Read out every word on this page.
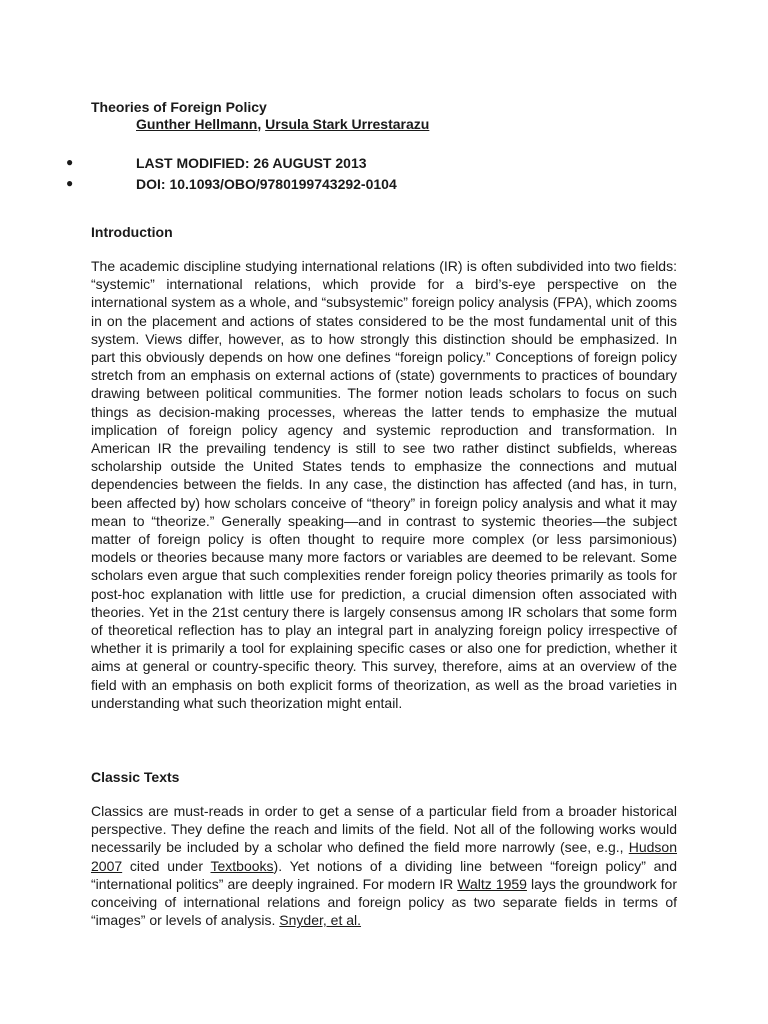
Theories of Foreign Policy
Gunther Hellmann, Ursula Stark Urrestarazu
●	LAST MODIFIED: 26 AUGUST 2013
●	DOI: 10.1093/OBO/9780199743292-0104
Introduction

The academic discipline studying international relations (IR) is often subdivided into two fields: “systemic” international relations, which provide for a bird’s-eye perspective on the international system as a whole, and “subsystemic” foreign policy analysis (FPA), which zooms in on the placement and actions of states considered to be the most fundamental unit of this system. Views differ, however, as to how strongly this distinction should be emphasized. In part this obviously depends on how one defines “foreign policy.” Conceptions of foreign policy stretch from an emphasis on external actions of (state) governments to practices of boundary drawing between political communities. The former notion leads scholars to focus on such things as decision-making processes, whereas the latter tends to emphasize the mutual implication of foreign policy agency and systemic reproduction and transformation. In American IR the prevailing tendency is still to see two rather distinct subfields, whereas scholarship outside the United States tends to emphasize the connections and mutual dependencies between the fields. In any case, the distinction has affected (and has, in turn, been affected by) how scholars conceive of “theory” in foreign policy analysis and what it may mean to “theorize.” Generally speaking—and in contrast to systemic theories—the subject matter of foreign policy is often thought to require more complex (or less parsimonious) models or theories because many more factors or variables are deemed to be relevant. Some scholars even argue that such complexities render foreign policy theories primarily as tools for post-hoc explanation with little use for prediction, a crucial dimension often associated with theories. Yet in the 21st century there is largely consensus among IR scholars that some form of theoretical reflection has to play an integral part in analyzing foreign policy irrespective of whether it is primarily a tool for explaining specific cases or also one for prediction, whether it aims at general or country-specific theory. This survey, therefore, aims at an overview of the field with an emphasis on both explicit forms of theorization, as well as the broad varieties in understanding what such theorization might entail.

Classic Texts

Classics are must-reads in order to get a sense of a particular field from a broader historical perspective. They define the reach and limits of the field. Not all of the following works would necessarily be included by a scholar who defined the field more narrowly (see, e.g., Hudson 2007 cited under Textbooks). Yet notions of a dividing line between “foreign policy” and “international politics” are deeply ingrained. For modern IR Waltz 1959 lays the groundwork for conceiving of international relations and foreign policy as two separate fields in terms of “images” or levels of analysis. Snyder, et al.
